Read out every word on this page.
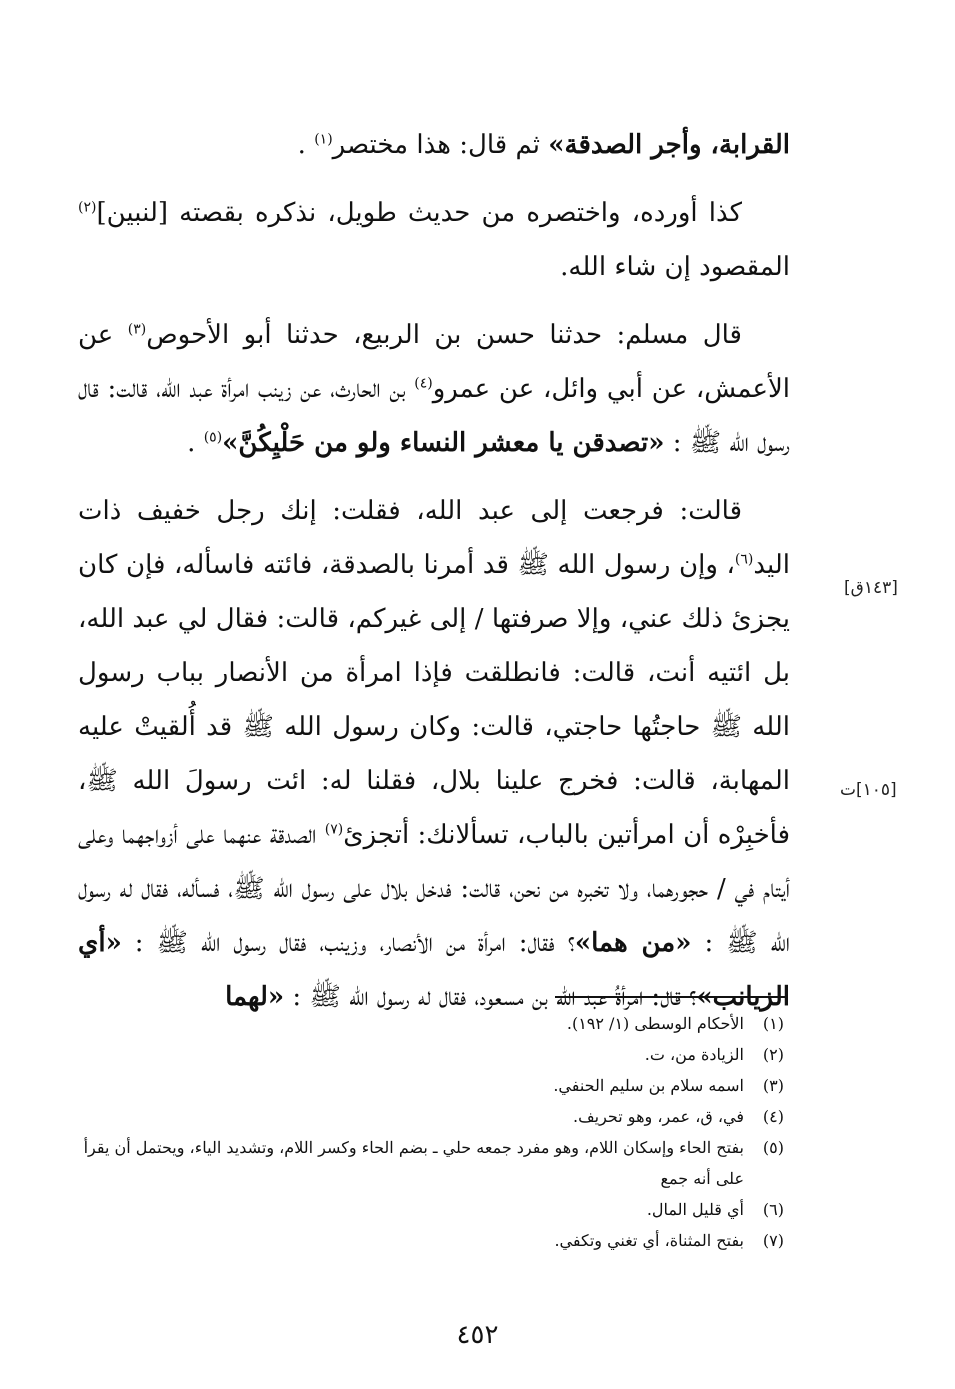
القرابة، وأجر الصدقة» ثم قال: هذا مختصر$^{(١)}$ .

كذا أورده، واختصره من حديث طويل، نذكره بقصته [لنبين]$^{(٢)}$ المقصود إن شاء الله.

قال مسلم: حدثنا حسن بن الربيع، حدثنا أبو الأحوص$^{(٣)}$ عن الأعمش، عن أبي وائل، عن عمرو$^{(٤)}$ بن الحارث، عن زينب امرأة عبد الله، قالت: قال رسول الله ﷺ : «تصدقن يا معشر النساء ولو من حَلْيِكُنَّ»$^{(٥)}$ .

قالت: فرجعت إلى عبد الله، فقلت: إنك رجل خفيف ذات اليد$^{(٦)}$، وإن رسول الله ﷺ قد أمرنا بالصدقة، فائته فاسأله، فإن كان يجزئ ذلك عني، وإلا صرفتها / إلى غيركم، قالت: فقال لي عبد الله، بل ائتيه أنت، قالت: فانطلقت فإذا امرأة من الأنصار بباب رسول الله ﷺ حاجتُها حاجتي، قالت: وكان رسول الله ﷺ قد أُلقيتْ عليه المهابة، قالت: فخرج علينا بلال، فقلنا له: ائت رسولَ الله ﷺ، فأخبِرْه أن امرأتين بالباب، تسألانك: أتجزئ$^{(٧)}$ الصدقة عنهما على أزواجهما وعلى أيتام في / حجورهما، ولا تخبره من نحن، قالت: فدخل بلال على رسول الله ﷺ، فسأله، فقال له رسول الله ﷺ : «من هما»؟ فقال: امرأة من الأنصار، وزينب، فقال رسول الله ﷺ : «أي الزيانب»؟ قال: امرأةُ عبد الله بن مسعود، فقال له رسول الله ﷺ : «لهما

[١٤٣ق]
[١٠٥]ت
(١)
الأحكام الوسطى (١/ ١٩٢).
(٢)
الزيادة من، ت.
(٣)
اسمه سلام بن سليم الحنفي.
(٤)
في، ق، عمر، وهو تحريف.
(٥)
بفتح الحاء وإسكان اللام، وهو مفرد جمعه حلي ـ بضم الحاء وكسر اللام، وتشديد الياء، ويحتمل أن يقرأ على أنه جمع
(٦)
أي قليل المال.
(٧)
بفتح المثناة، أي تغني وتكفي.
٤٥٢
